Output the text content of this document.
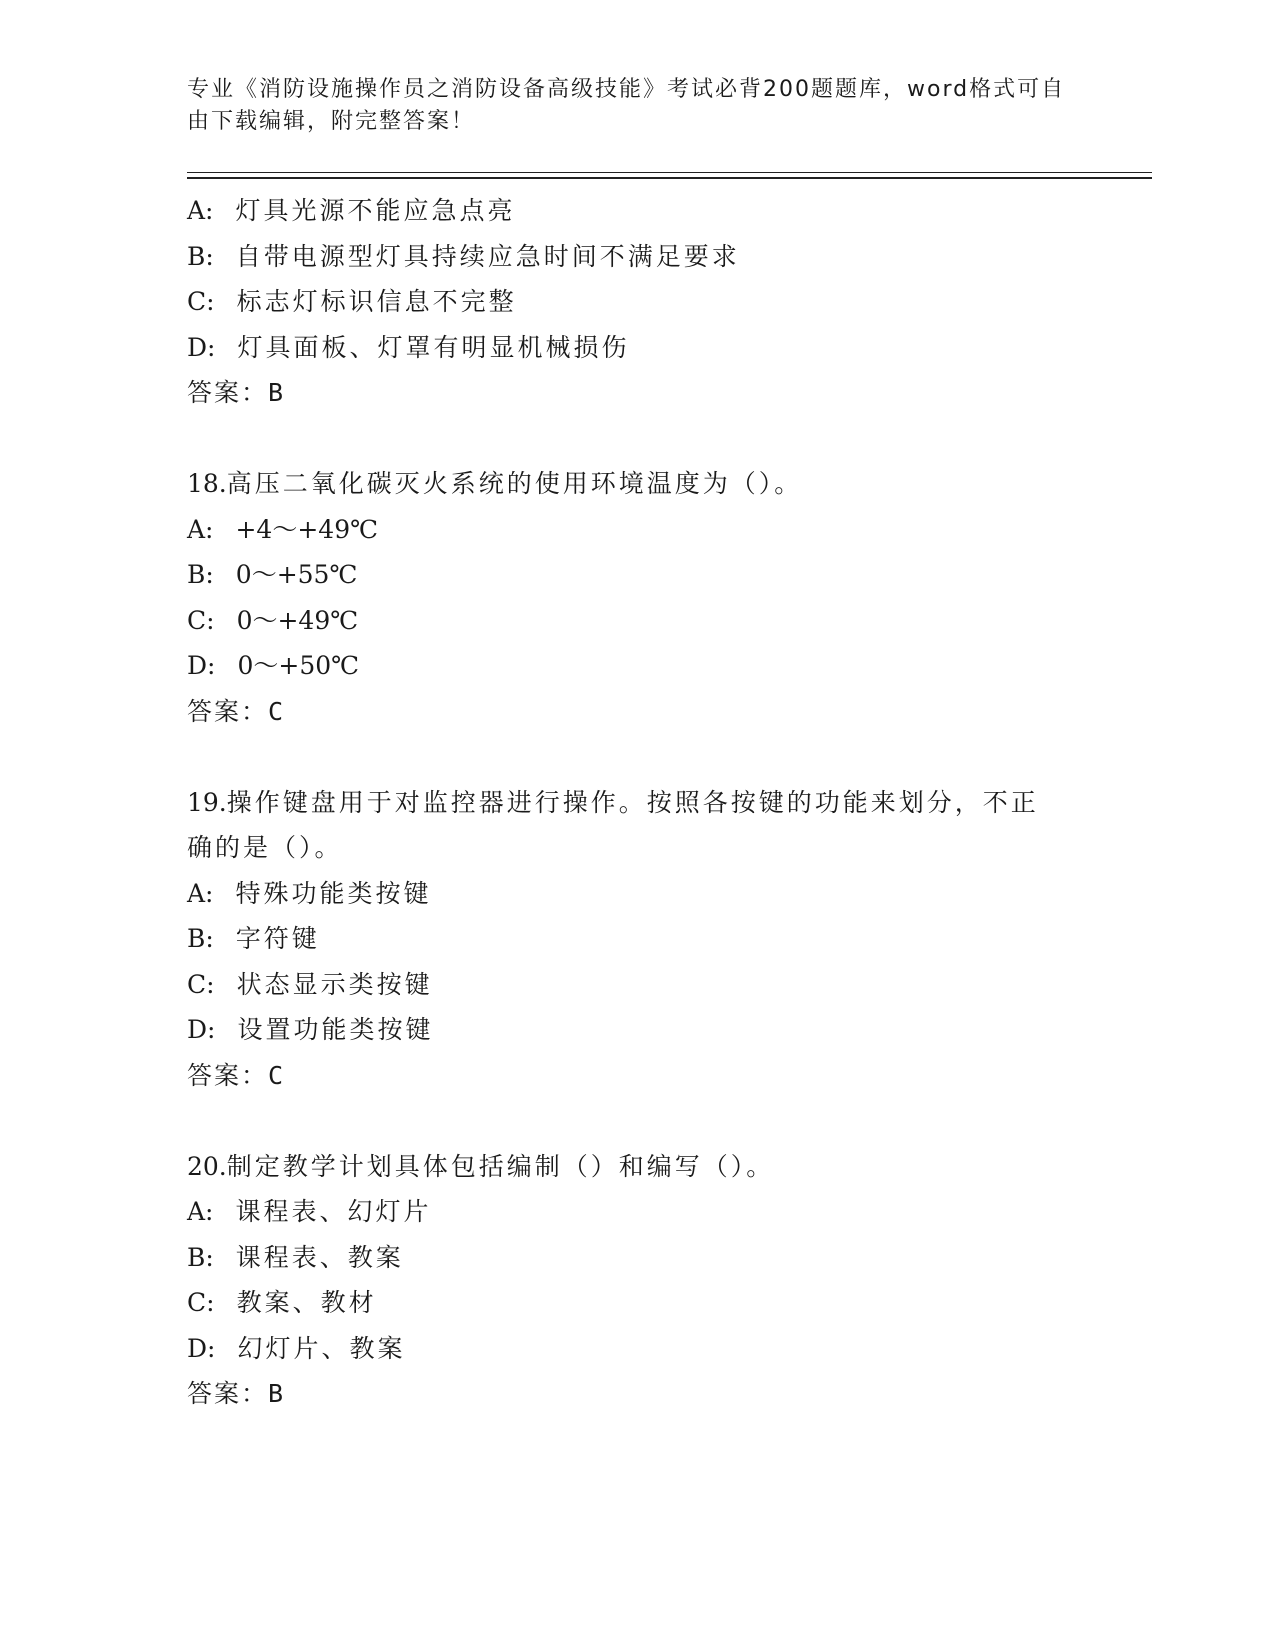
专业《消防设施操作员之消防设备高级技能》考试必背200题题库，word格式可自由下载编辑，附完整答案！
A: 灯具光源不能应急点亮
B: 自带电源型灯具持续应急时间不满足要求
C: 标志灯标识信息不完整
D: 灯具面板、灯罩有明显机械损伤
答案：B
18.高压二氧化碳灭火系统的使用环境温度为（）。
A: +4～+49℃
B: 0～+55℃
C: 0～+49℃
D: 0～+50℃
答案：C
19.操作键盘用于对监控器进行操作。按照各按键的功能来划分，不正
确的是（）。
A: 特殊功能类按键
B: 字符键
C: 状态显示类按键
D: 设置功能类按键
答案：C
20.制定教学计划具体包括编制（）和编写（）。
A: 课程表、幻灯片
B: 课程表、教案
C: 教案、教材
D: 幻灯片、教案
答案：B
